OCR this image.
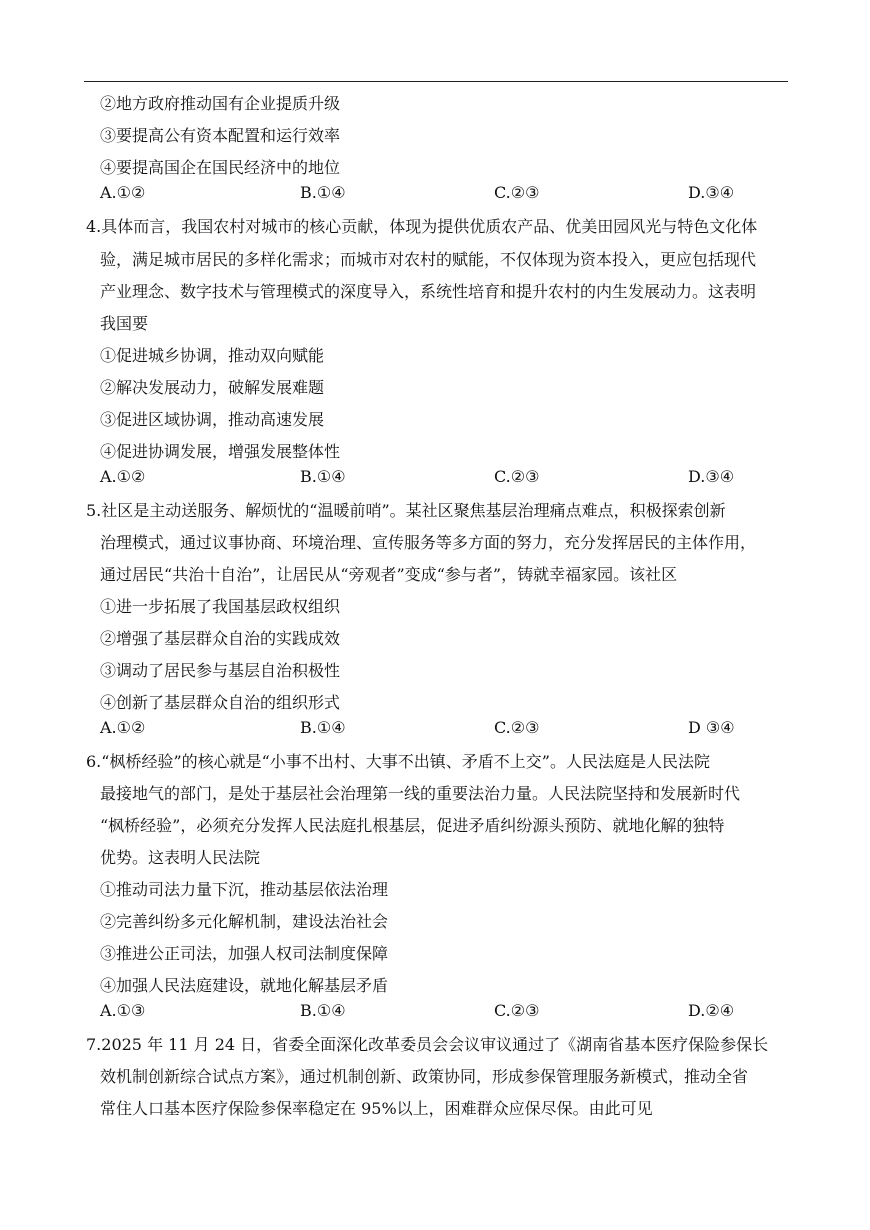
②地方政府推动国有企业提质升级
③要提高公有资本配置和运行效率
④要提高国企在国民经济中的地位
A.①②	B.①④	C.②③	D.③④
4.具体而言，我国农村对城市的核心贡献，体现为提供优质农产品、优美田园风光与特色文化体
验，满足城市居民的多样化需求；而城市对农村的赋能，不仅体现为资本投入，更应包括现代
产业理念、数字技术与管理模式的深度导入，系统性培育和提升农村的内生发展动力。这表明
我国要
①促进城乡协调，推动双向赋能
②解决发展动力，破解发展难题
③促进区域协调，推动高速发展
④促进协调发展，增强发展整体性
A.①②	B.①④	C.②③	D.③④
5.社区是主动送服务、解烦忧的“温暖前哨”。某社区聚焦基层治理痛点难点，积极探索创新
治理模式，通过议事协商、环境治理、宣传服务等多方面的努力，充分发挥居民的主体作用，
通过居民“共治十自治”，让居民从“旁观者”变成“参与者”，铸就幸福家园。该社区
①进一步拓展了我国基层政权组织
②增强了基层群众自治的实践成效
③调动了居民参与基层自治积极性
④创新了基层群众自治的组织形式
A.①②	B.①④	C.②③	D ③④
6.“枫桥经验”的核心就是“小事不出村、大事不出镇、矛盾不上交”。人民法庭是人民法院
最接地气的部门，是处于基层社会治理第一线的重要法治力量。人民法院坚持和发展新时代
“枫桥经验”，必须充分发挥人民法庭扎根基层，促进矛盾纠纷源头预防、就地化解的独特
优势。这表明人民法院
①推动司法力量下沉，推动基层依法治理
②完善纠纷多元化解机制，建设法治社会
③推进公正司法，加强人权司法制度保障
④加强人民法庭建设，就地化解基层矛盾
A.①③	B.①④	C.②③	D.②④
7.2025 年 11 月 24 日，省委全面深化改革委员会会议审议通过了《湖南省基本医疗保险参保长
效机制创新综合试点方案》，通过机制创新、政策协同，形成参保管理服务新模式，推动全省
常住人口基本医疗保险参保率稳定在 95%以上，困难群众应保尽保。由此可见
